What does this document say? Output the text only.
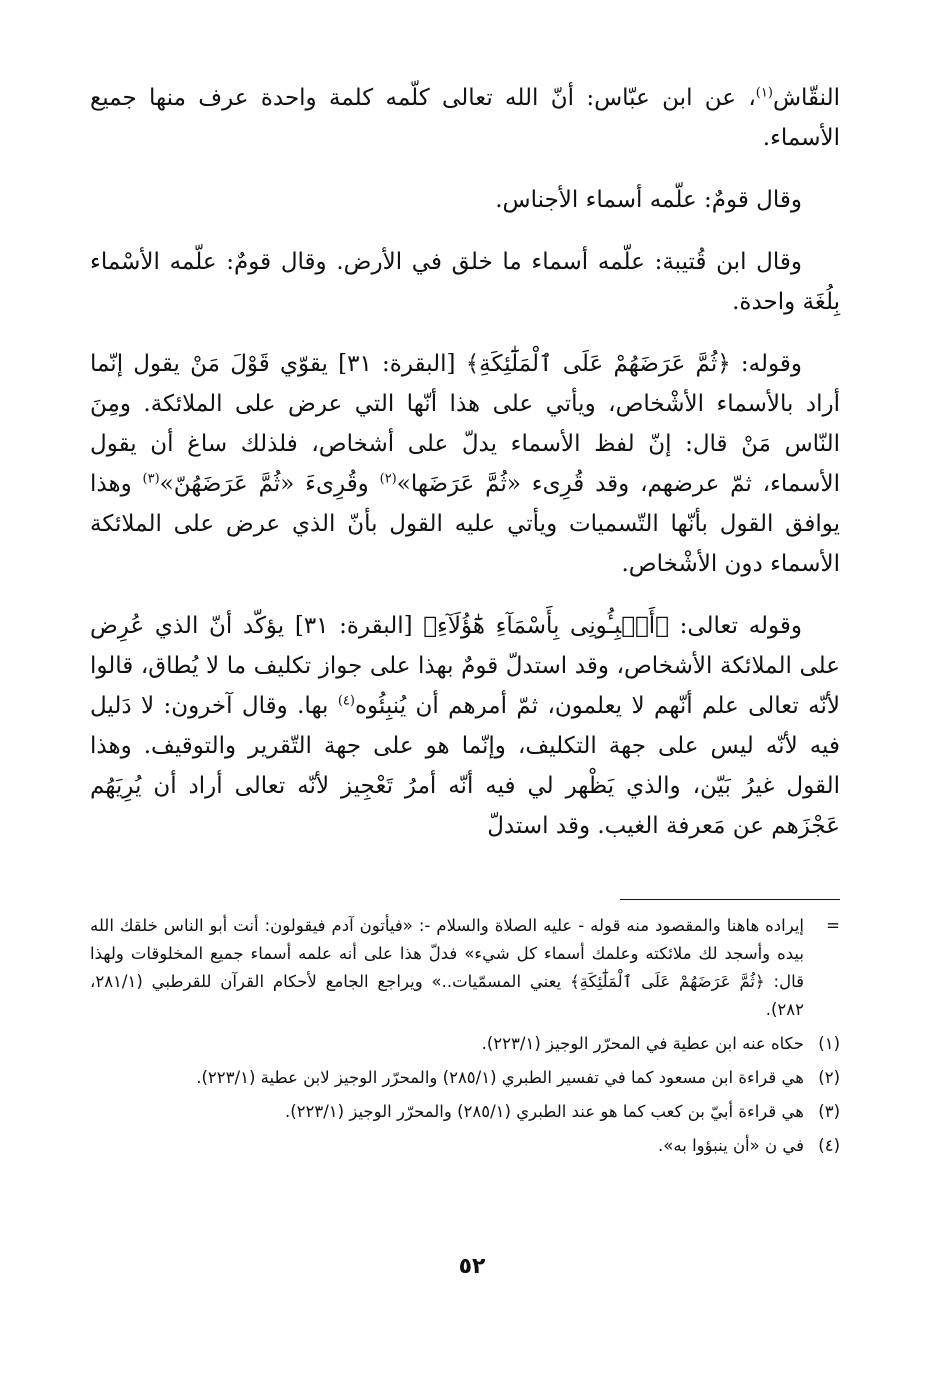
النقّاش$^{(١)}$، عن ابن عبّاس: أنّ الله تعالى كلّمه كلمة واحدة عرف منها جميع الأسماء.

وقال قومٌ: علّمه أسماء الأجناس.

وقال ابن قُتيبة: علّمه أسماء ما خلق في الأرض. وقال قومٌ: علّمه الأسْماء بِلُغَة واحدة.

وقوله: ﴿ثُمَّ عَرَضَهُمْ عَلَى ٱلْمَلَٰٓئِكَةِ﴾ [البقرة: ٣١] يقوّي قَوْلَ مَنْ يقول إنّما أراد بالأسماء الأشْخاص، ويأتي على هذا أنّها التي عرض على الملائكة. ومِنَ النّاس مَنْ قال: إنّ لفظ الأسماء يدلّ على أشخاص، فلذلك ساغ أن يقول الأسماء، ثمّ عرضهم، وقد قُرِىء «ثُمَّ عَرَضَها»$^{(٢)}$ وقُرِىءَ «ثُمَّ عَرَضَهُنّ»$^{(٣)}$ وهذا يوافق القول بأنّها التّسميات ويأتي عليه القول بأنّ الذي عرض على الملائكة الأسماء دون الأشْخاص.

وقوله تعالى: ﴿أَنۢبِـُٔونِى بِأَسْمَآءِ هَٰٓؤُلَآءِ﴾ [البقرة: ٣١] يؤكّد أنّ الذي عُرِض على الملائكة الأشخاص، وقد استدلّ قومٌ بهذا على جواز تكليف ما لا يُطاق، قالوا لأنّه تعالى علم أنّهم لا يعلمون، ثمّ أمرهم أن يُنبِئُوه$^{(٤)}$ بها. وقال آخرون: لا دَليل فيه لأنّه ليس على جهة التكليف، وإنّما هو على جهة التّقرير والتوقيف. وهذا القول غيرُ بَيّن، والذي يَظْهر لي فيه أنّه أمرُ تَعْجِيز لأنّه تعالى أراد أن يُرِيَهُم عَجْزَهم عن مَعرفة الغيب. وقد استدلّ

=
إيراده هاهنا والمقصود منه قوله - عليه الصلاة والسلام -: «فيأتون آدم فيقولون: أنت أبو الناس خلقك الله بيده وأسجد لك ملائكته وعلمك أسماء كل شيء» فدلّ هذا على أنه علمه أسماء جميع المخلوقات ولهذا قال: ﴿ثُمَّ عَرَضَهُمْ عَلَى ٱلْمَلَٰٓئِكَةِ﴾ يعني المسمّيات..» ويراجع الجامع لأحكام القرآن للقرطبي (٢٨١/١، ٢٨٢).
(١)
حكاه عنه ابن عطية في المحرّر الوجيز (٢٢٣/١).
(٢)
هي قراءة ابن مسعود كما في تفسير الطبري (٢٨٥/١) والمحرّر الوجيز لابن عطية (٢٢٣/١).
(٣)
هي قراءة أبيّ بن كعب كما هو عند الطبري (٢٨٥/١) والمحرّر الوجيز (٢٢٣/١).
(٤)
في ن «أن ينبؤوا به».
٥٢
